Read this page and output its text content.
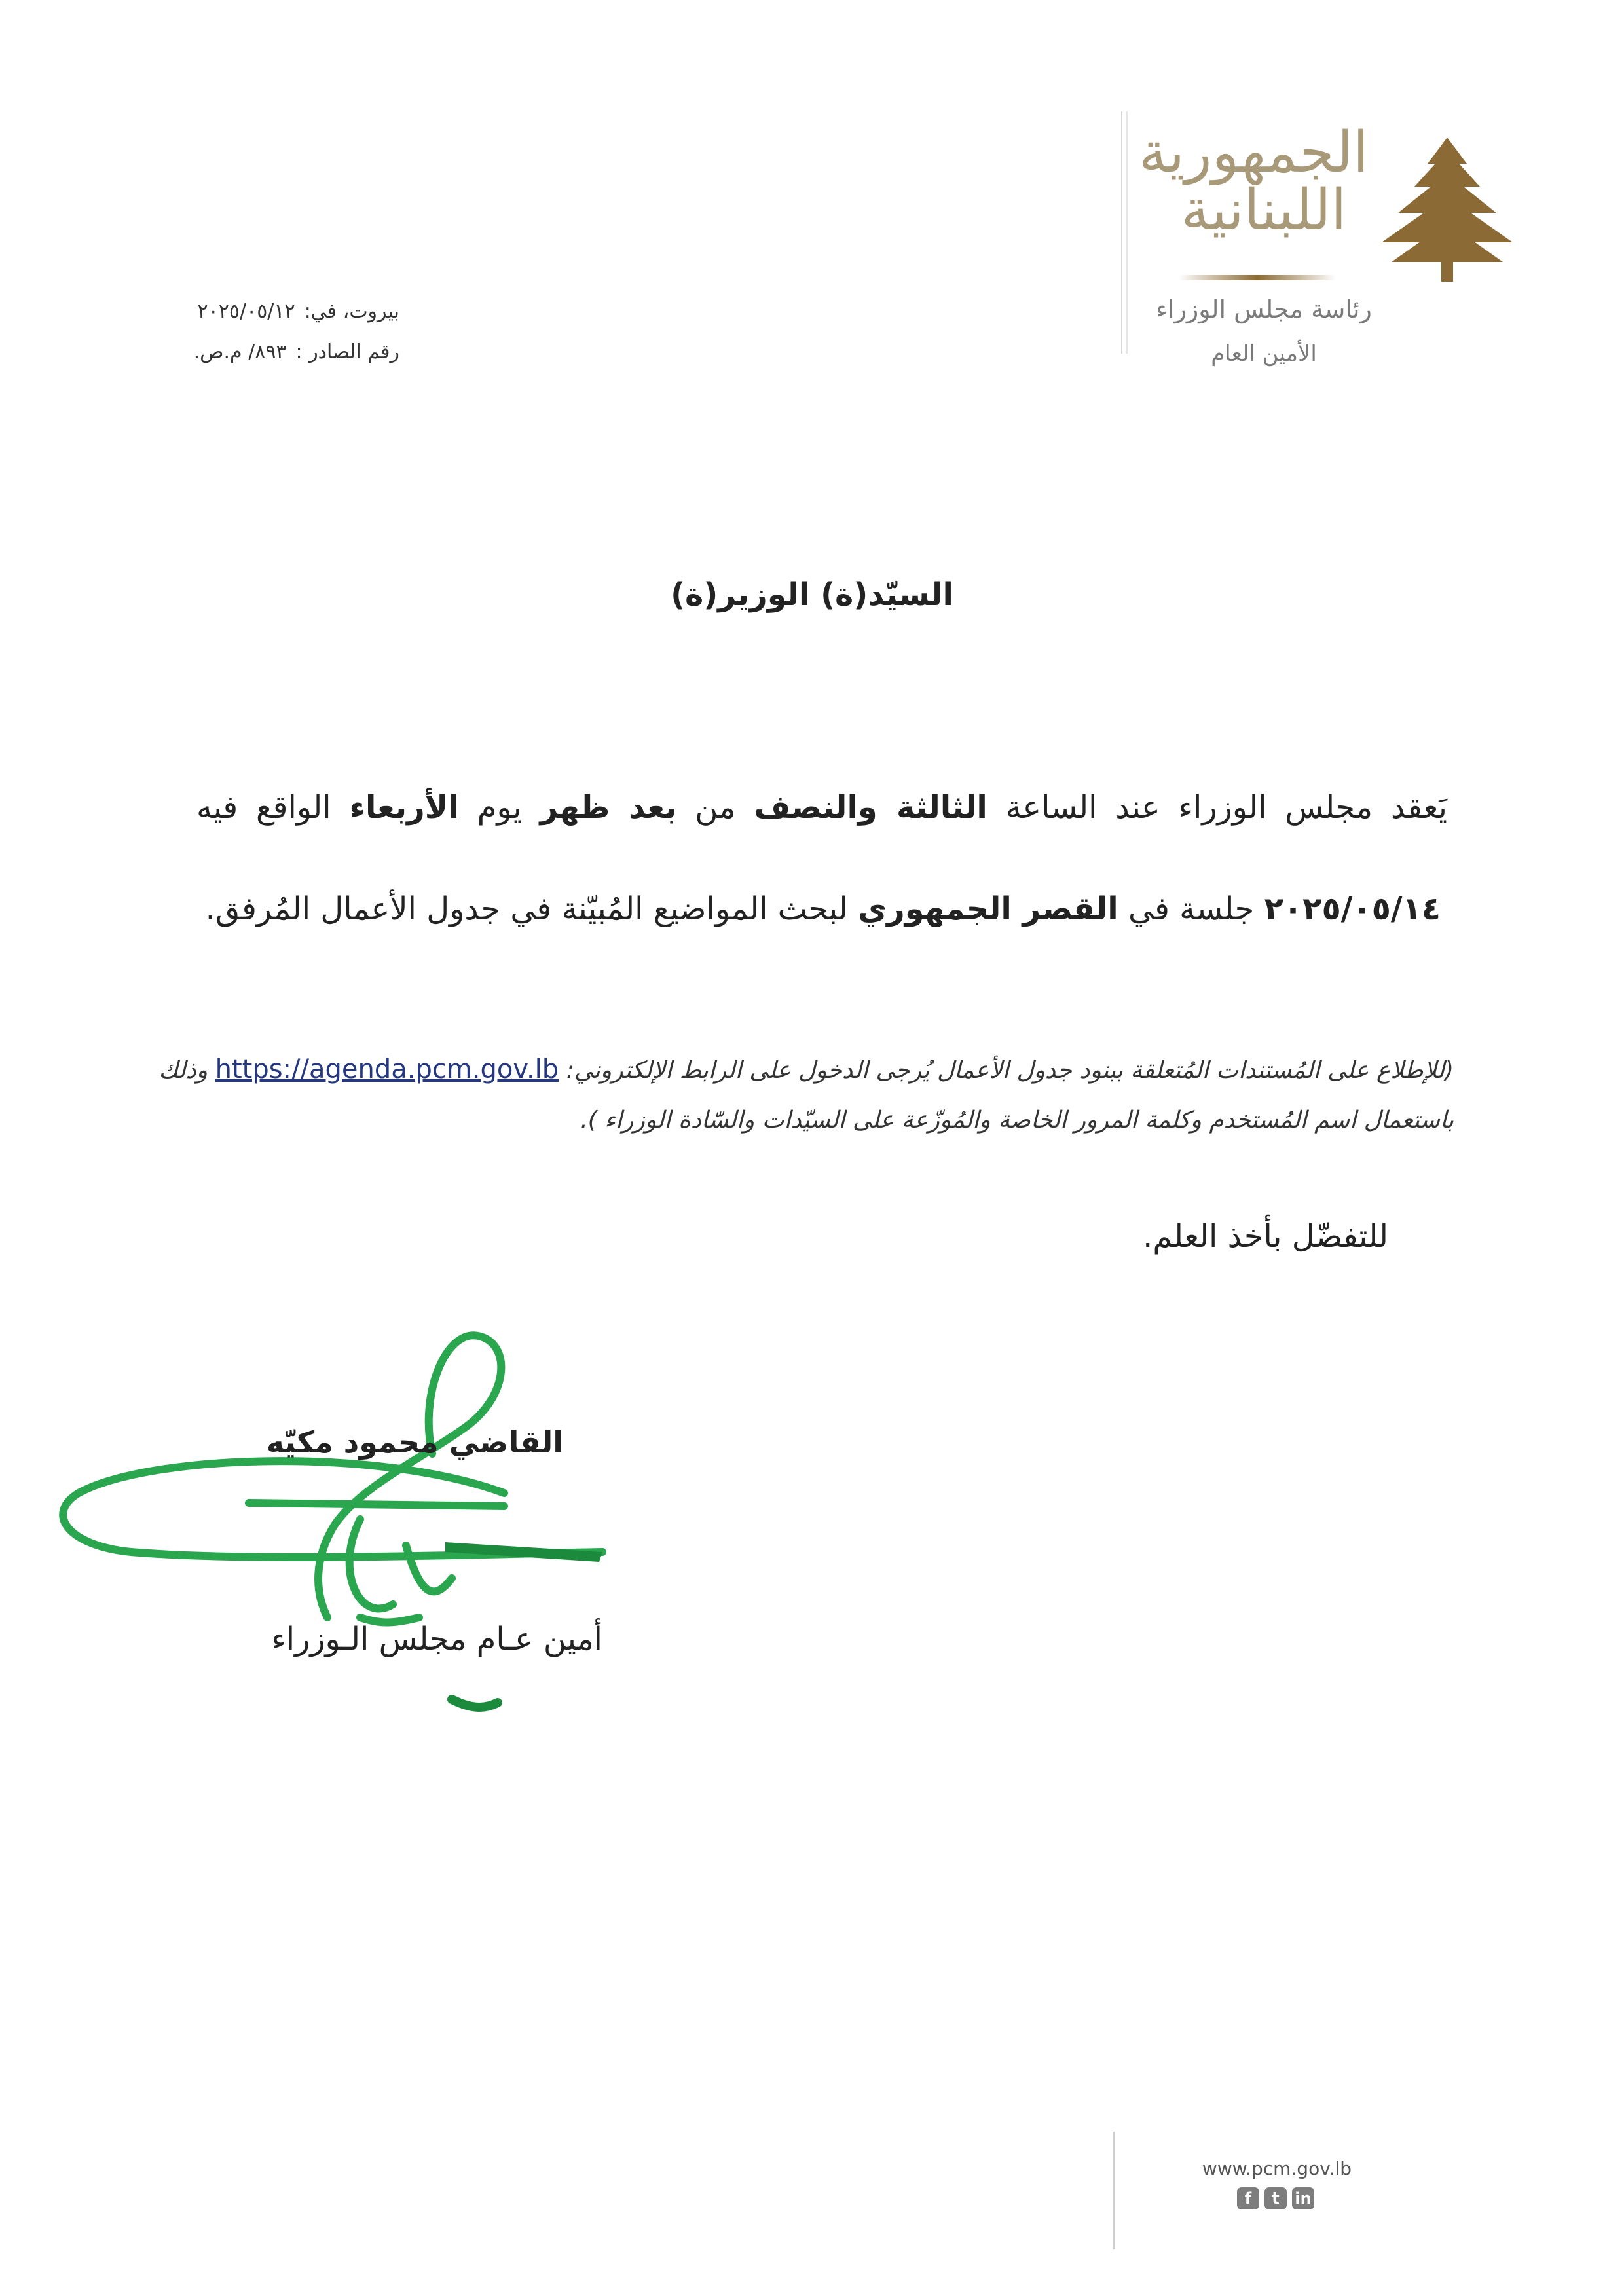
الجمهورية
اللبنانية
رئاسة مجلس الوزراء
الأمين العام
بيروت، في:٢٠٢٥/٠٥/١٢
رقم الصادر :٨٩٣/ م.ص.
السيّد(ة) الوزير(ة)
يَعقد مجلس الوزراء عند الساعة الثالثة والنصف من بعد ظهر يوم الأربعاء الواقع فيه
٢٠٢٥/٠٥/١٤ جلسة في القصر الجمهوري لبحث المواضيع المُبيّنة في جدول الأعمال المُرفق.
(للإطلاع على المُستندات المُتعلقة ببنود جدول الأعمال يُرجى الدخول على الرابط الإلكتروني: https://agenda.pcm.gov.lb وذلك
باستعمال اسم المُستخدم وكلمة المرور الخاصة والمُوزّعة على السيّدات والسّادة الوزراء ).
للتفضّل بأخذ العلم.
القاضي محمود مكيّه
أمين عـام مجلس الـوزراء
www.pcm.gov.lb
f	t in
